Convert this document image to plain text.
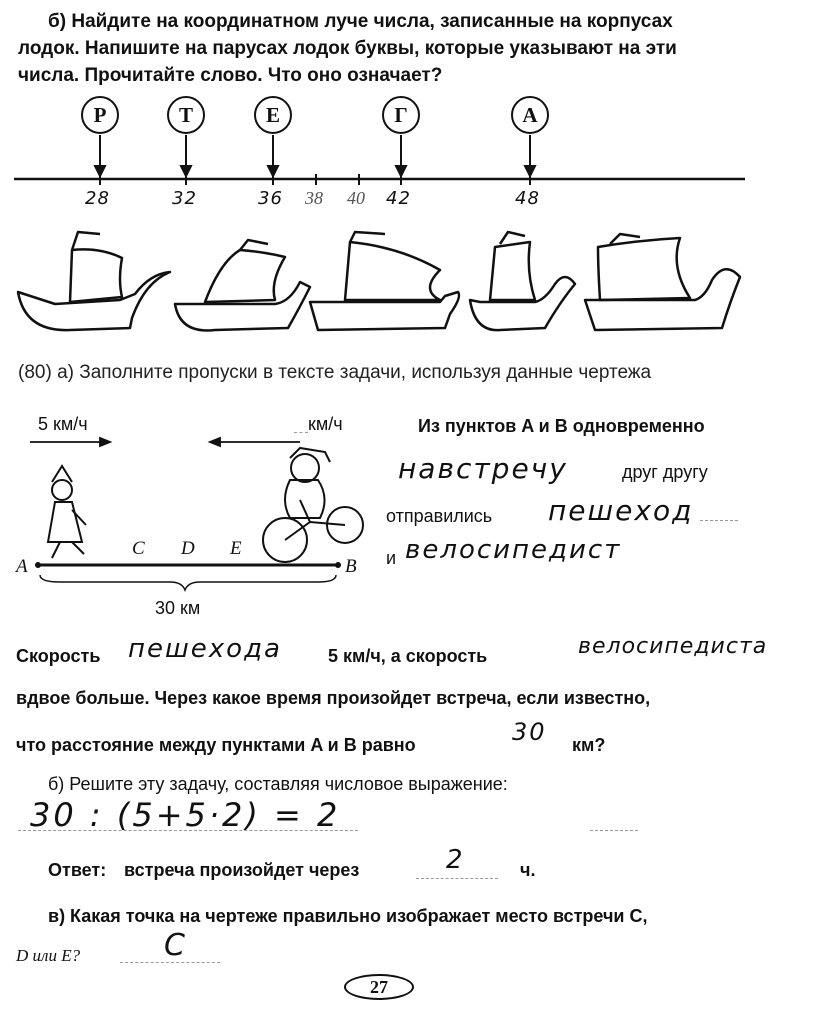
б) Найдите на координатном луче числа, записанные на корпусах
лодок. Напишите на парусах лодок буквы, которые указывают на эти
числа. Прочитайте слово. Что оно означает?
Р	Т	Е	Г	А
28	32	36 38 40 42	48
(80) а) Заполните пропуски в тексте задачи, используя данные чертежа
5 км/ч	км/ч
A	B
C D E
30 км
Из пунктов A и B одновременно
навстречу	друг другу
отправились пешеход
и велосипедист
Скорость пешехода	5 км/ч, а скорость	велосипедиста
вдвое больше. Через какое время произойдет встреча, если известно,
что расстояние между пунктами A и B равно	30 км?
б) Решите эту задачу, составляя числовое выражение:
30 : (5+5·2) = 2
Ответ: встреча произойдет через	2	ч.
в) Какая точка на чертеже правильно изображает место встречи C,
D или E?	C
27
